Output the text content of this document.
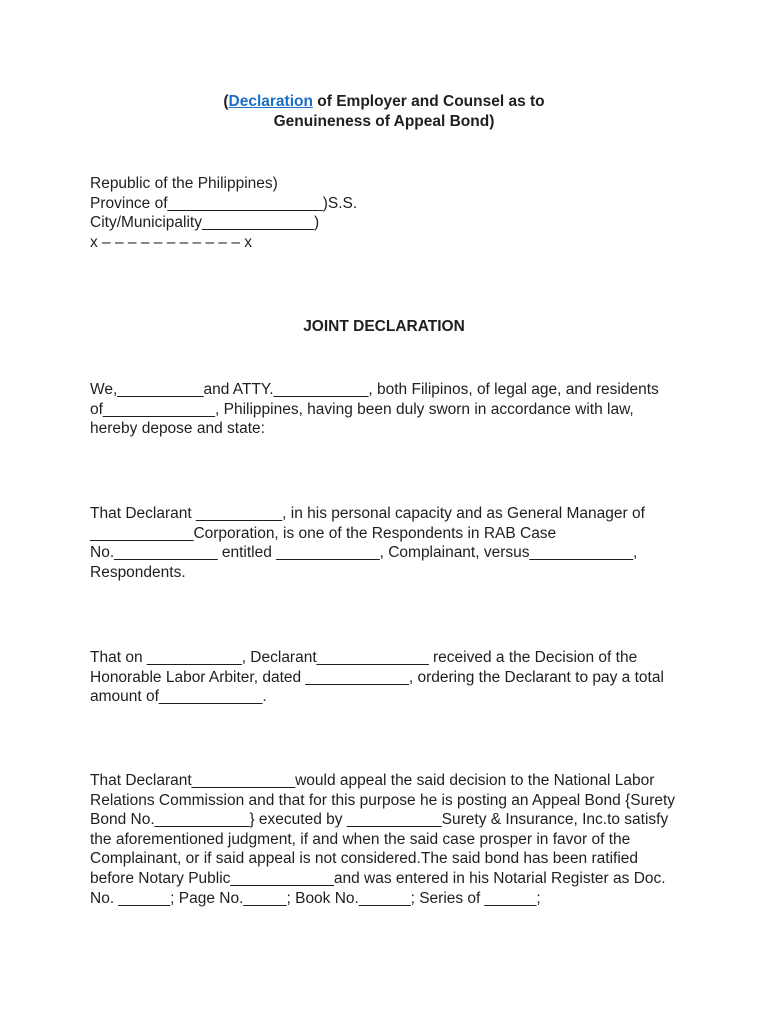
(Declaration of Employer and Counsel as to
Genuineness of Appeal Bond)
Republic of the Philippines)
Province of__________________)S.S.
City/Municipality_____________)
x – – – – – – – – – – – x
JOINT DECLARATION
We,__________and ATTY.___________, both Filipinos, of legal age, and residents of_____________, Philippines, having been duly sworn in accordance with law, hereby depose and state:
That Declarant __________, in his personal capacity and as General Manager of ____________Corporation, is one of the Respondents in RAB Case No.____________ entitled ____________, Complainant, versus____________, Respondents.
That on ___________, Declarant_____________ received a the Decision of the Honorable Labor Arbiter, dated ____________, ordering the Declarant to pay a total amount of____________.
That Declarant____________would appeal the said decision to the National Labor Relations Commission and that for this purpose he is posting an Appeal Bond {Surety Bond No.___________} executed by ___________Surety & Insurance, Inc.to satisfy the aforementioned judgment, if and when the said case prosper in favor of the Complainant, or if said appeal is not considered.The said bond has been ratified before Notary Public____________and was entered in his Notarial Register as Doc. No. ______; Page No._____; Book No.______; Series of ______;
